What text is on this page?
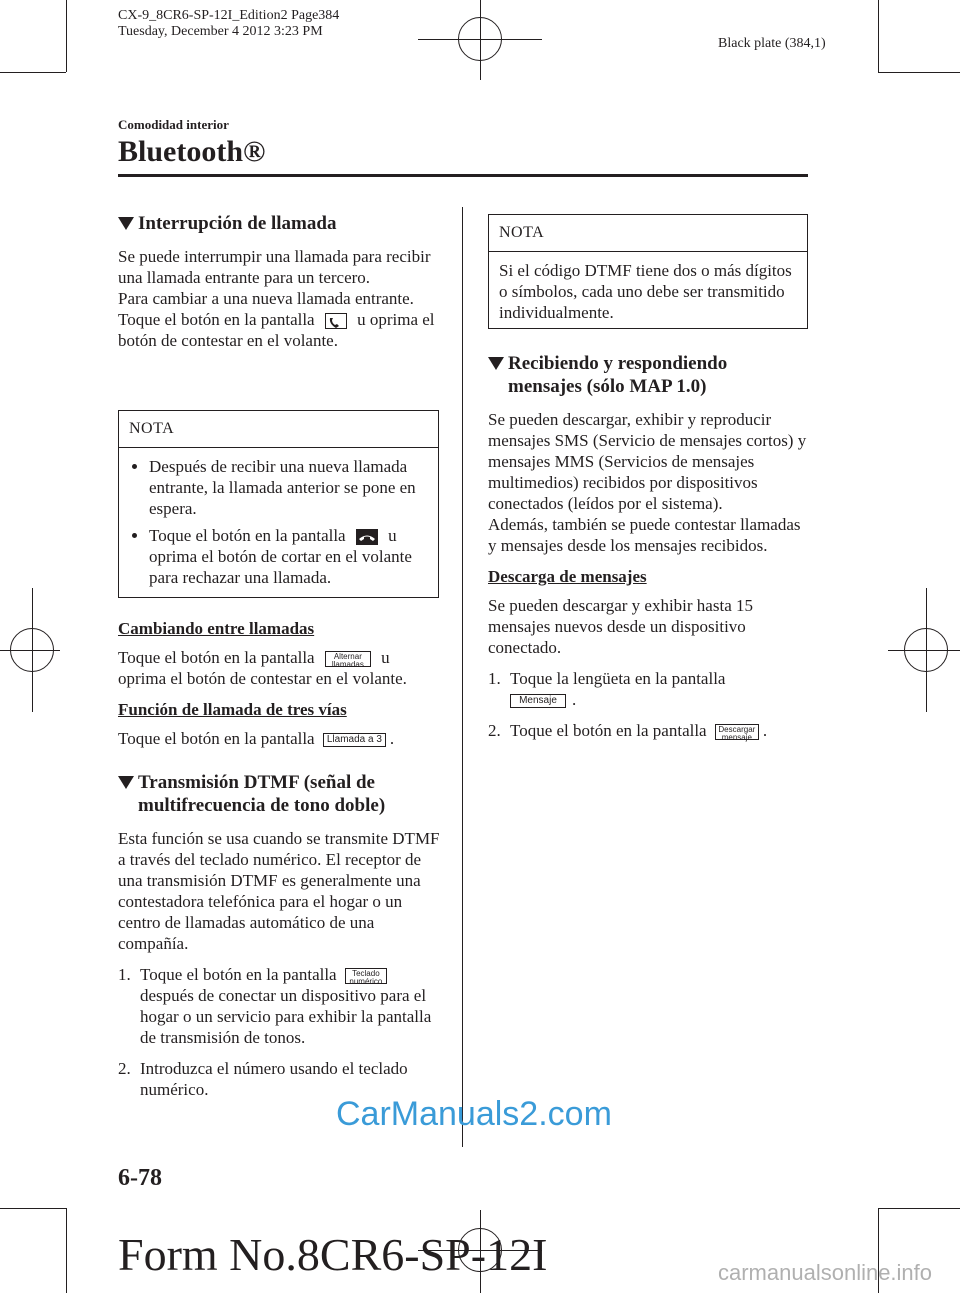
CX-9_8CR6-SP-12I_Edition2 Page384
Tuesday, December 4 2012 3:23 PM
Black plate (384,1)
Comodidad interior
Bluetooth®
Interrupción de llamada

Se puede interrumpir una llamada para recibir una llamada entrante para un tercero.

Para cambiar a una nueva llamada entrante.

Toque el botón en la pantalla	u oprima el botón de contestar en el volante.

NOTA
Después de recibir una nueva llamada entrante, la llamada anterior se pone en espera.
Toque el botón en la pantalla	u oprima el botón de cortar en el volante para rechazar una llamada.
Cambiando entre llamadas

Toque el botón en la pantalla Alternar llamadas u oprima el botón de contestar en el volante.

Función de llamada de tres vías

Toque el botón en la pantalla Llamada a 3 .

Transmisión DTMF (señal de
multifrecuencia de tono doble)

Esta función se usa cuando se transmite DTMF a través del teclado numérico. El receptor de una transmisión DTMF es generalmente una contestadora telefónica para el hogar o un centro de llamadas automático de una compañía.

1. Toque el botón en la pantalla Teclado numérico después de conectar un dispositivo para el hogar o un servicio para exhibir la pantalla de transmisión de tonos.
2. Introduzca el número usando el teclado numérico.
NOTA
Si el código DTMF tiene dos o más dígitos o símbolos, cada uno debe ser transmitido individualmente.
Recibiendo y respondiendo
mensajes (sólo MAP 1.0)

Se pueden descargar, exhibir y reproducir mensajes SMS (Servicio de mensajes cortos) y mensajes MMS (Servicios de mensajes multimedios) recibidos por dispositivos conectados (leídos por el sistema).

Además, también se puede contestar llamadas y mensajes desde los mensajes recibidos.

Descarga de mensajes

Se pueden descargar y exhibir hasta 15 mensajes nuevos desde un dispositivo conectado.

1. Toque la lengüeta en la pantalla
Mensaje .
2. Toque el botón en la pantalla Descargar mensaje .
6-78
Form No.8CR6-SP-12I
CarManuals2.com
carmanualsonline.info
